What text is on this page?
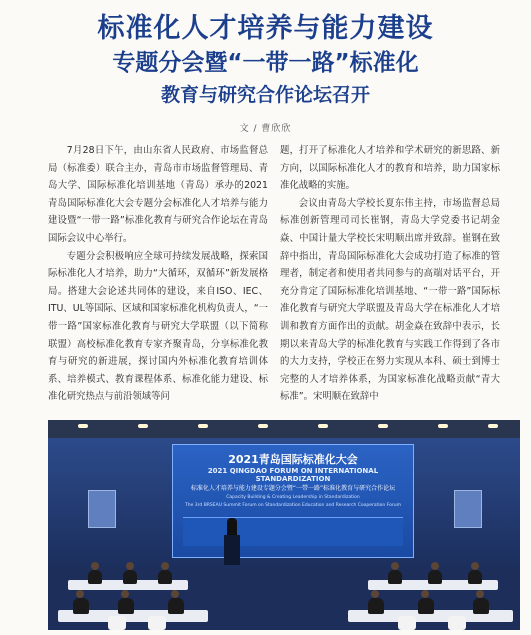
标准化人才培养与能力建设
专题分会暨“一带一路”标准化
教育与研究合作论坛召开
文 / 曹欣欣

7月28日下午，由山东省人民政府、市场监督总局（标准委）联合主办，青岛市市场监督管理局、青岛大学、国际标准化培训基地（青岛）承办的2021青岛国际标准化大会专题分会标准化人才培养与能力建设暨“一带一路”标准化教育与研究合作论坛在青岛国际会议中心举行。

专题分会积极响应全球可持续发展战略，探索国际标准化人才培养，助力“大循环，双循环”新发展格局。搭建大会论述共同体的建设，来自ISO、IEC、ITU、UL等国际、区域和国家标准化机构负责人，“一带一路”国家标准化教育与研究大学联盟（以下简称联盟）高校标准化教育专家齐聚青岛，分享标准化教育与研究的新进展，探讨国内外标准化教育培训体系、培养模式、教育课程体系、标准化能力建设、标准化研究热点与前沿领域等问

题，打开了标准化人才培养和学术研究的新思路、新方向，以国际标准化人才的教育和培养，助力国家标准化战略的实施。

会议由青岛大学校长夏东伟主持，市场监督总局标准创新管理司司长崔钢，青岛大学党委书记胡金焱、中国计量大学校长宋明顺出席并致辞。崔钢在致辞中指出，青岛国际标准化大会成功打造了标准的管理者，制定者和使用者共同参与的高端对话平台，开充分肯定了国际标准化培训基地、“一带一路”国际标准化教育与研究大学联盟及青岛大学在标准化人才培训和教育方面作出的贡献。胡金焱在致辞中表示，长期以来青岛大学的标准化教育与实践工作得到了各市的大力支持，学校正在努力实现从本科、硕士到博士完整的人才培养体系，为国家标准化战略贡献“青大标准”。宋明顺在致辞中

2021青岛国际标准化大会
2021 QINGDAO FORUM ON INTERNATIONAL STANDARDIZATION
标准化人才培养与能力建设专题分会暨“一带一路”标准化教育与研究合作论坛
Capacity Building & Creating Leadership in Standardization
The 3rd BRSEAU Summit Forum on Standardization Education and Research Cooperation Forum
